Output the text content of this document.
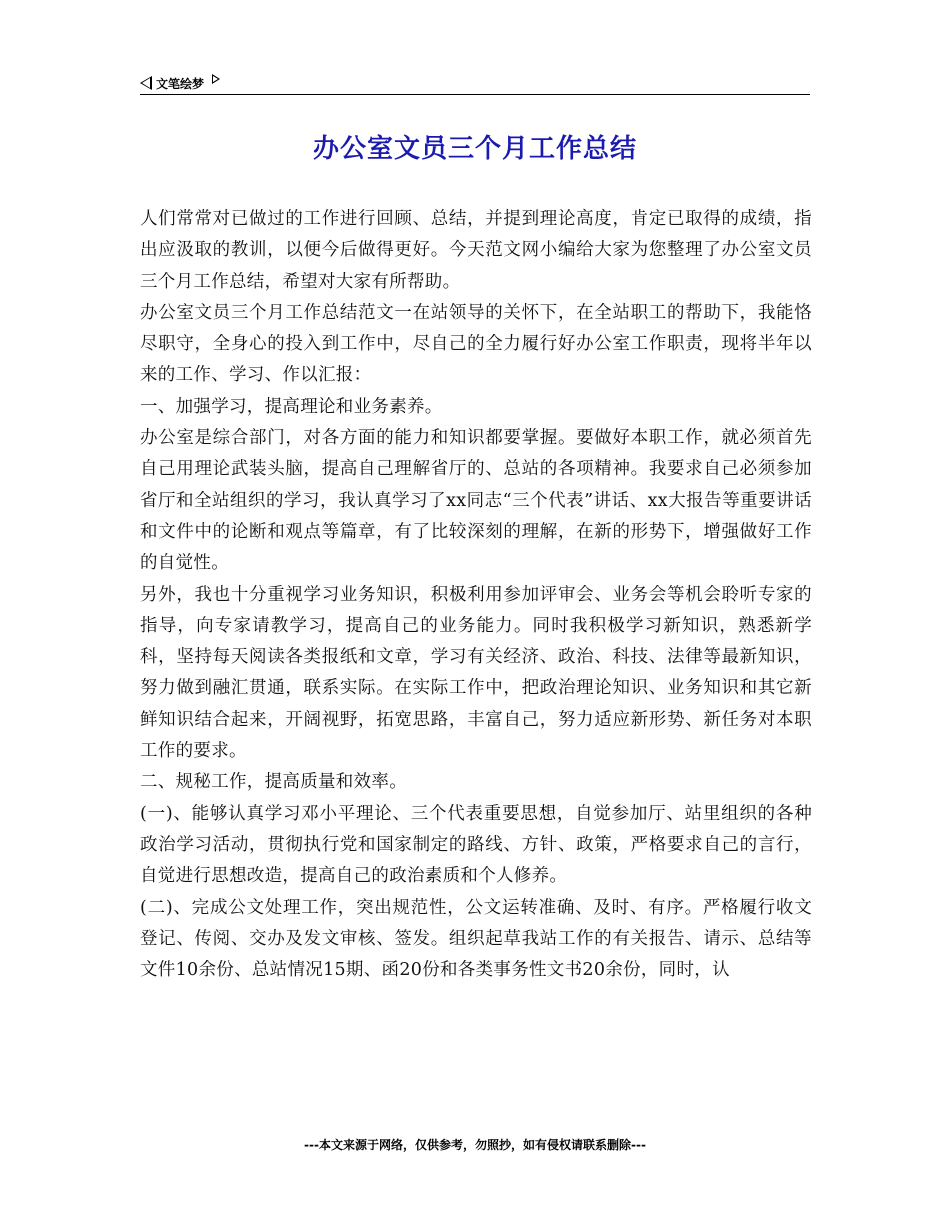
文笔绘梦
办公室文员三个月工作总结

人们常常对已做过的工作进行回顾、总结，并提到理论高度，肯定已取得的成绩，指出应汲取的教训，以便今后做得更好。今天范文网小编给大家为您整理了办公室文员三个月工作总结，希望对大家有所帮助。

办公室文员三个月工作总结范文一在站领导的关怀下，在全站职工的帮助下，我能恪尽职守，全身心的投入到工作中，尽自己的全力履行好办公室工作职责，现将半年以来的工作、学习、作以汇报：

一、加强学习，提高理论和业务素养。

办公室是综合部门，对各方面的能力和知识都要掌握。要做好本职工作，就必须首先自己用理论武装头脑，提高自己理解省厅的、总站的各项精神。我要求自己必须参加省厅和全站组织的学习，我认真学习了xx同志“三个代表”讲话、xx大报告等重要讲话和文件中的论断和观点等篇章，有了比较深刻的理解，在新的形势下，增强做好工作的自觉性。

另外，我也十分重视学习业务知识，积极利用参加评审会、业务会等机会聆听专家的指导，向专家请教学习，提高自己的业务能力。同时我积极学习新知识，熟悉新学科，坚持每天阅读各类报纸和文章，学习有关经济、政治、科技、法律等最新知识，努力做到融汇贯通，联系实际。在实际工作中，把政治理论知识、业务知识和其它新鲜知识结合起来，开阔视野，拓宽思路，丰富自己，努力适应新形势、新任务对本职工作的要求。

二、规秘工作，提高质量和效率。

(一)、能够认真学习邓小平理论、三个代表重要思想，自觉参加厅、站里组织的各种政治学习活动，贯彻执行党和国家制定的路线、方针、政策，严格要求自己的言行，自觉进行思想改造，提高自己的政治素质和个人修养。

(二)、完成公文处理工作，突出规范性，公文运转准确、及时、有序。严格履行收文登记、传阅、交办及发文审核、签发。组织起草我站工作的有关报告、请示、总结等文件10余份、总站情况15期、函20份和各类事务性文书20余份，同时，认

---本文来源于网络，仅供参考，勿照抄，如有侵权请联系删除---
